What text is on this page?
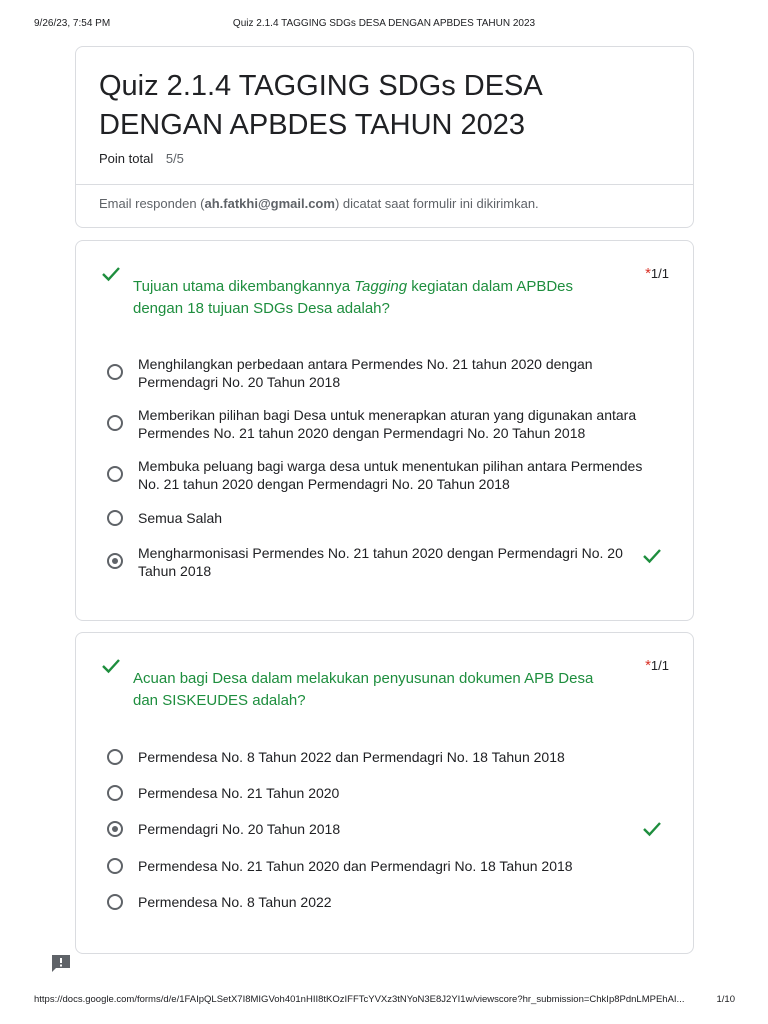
9/26/23, 7:54 PM	Quiz 2.1.4 TAGGING SDGs DESA DENGAN APBDES TAHUN 2023
Quiz 2.1.4 TAGGING SDGs DESA DENGAN APBDES TAHUN 2023
Poin total 5/5
Email responden (ah.fatkhi@gmail.com) dicatat saat formulir ini dikirimkan.
Tujuan utama dikembangkannya Tagging kegiatan dalam APBDes dengan 18 tujuan SDGs Desa adalah?
*1/1
Menghilangkan perbedaan antara Permendes No. 21 tahun 2020 dengan Permendagri No. 20 Tahun 2018
Memberikan pilihan bagi Desa untuk menerapkan aturan yang digunakan antara Permendes No. 21 tahun 2020 dengan Permendagri No. 20 Tahun 2018
Membuka peluang bagi warga desa untuk menentukan pilihan antara Permendes No. 21 tahun 2020 dengan Permendagri No. 20 Tahun 2018
Semua Salah
Mengharmonisasi Permendes No. 21 tahun 2020 dengan Permendagri No. 20 Tahun 2018
Acuan bagi Desa dalam melakukan penyusunan dokumen APB Desa dan SISKEUDES adalah?
*1/1
Permendesa No. 8 Tahun 2022 dan Permendagri No. 18 Tahun 2018
Permendesa No. 21 Tahun 2020
Permendagri No. 20 Tahun 2018
Permendesa No. 21 Tahun 2020 dan Permendagri No. 18 Tahun 2018
Permendesa No. 8 Tahun 2022
https://docs.google.com/forms/d/e/1FAIpQLSetX7I8MIGVoh401nHII8tKOzIFFTcYVXz3tNYoN3E8J2YI1w/viewscore?hr_submission=ChkIp8PdnLMPEhAI...	1/10
